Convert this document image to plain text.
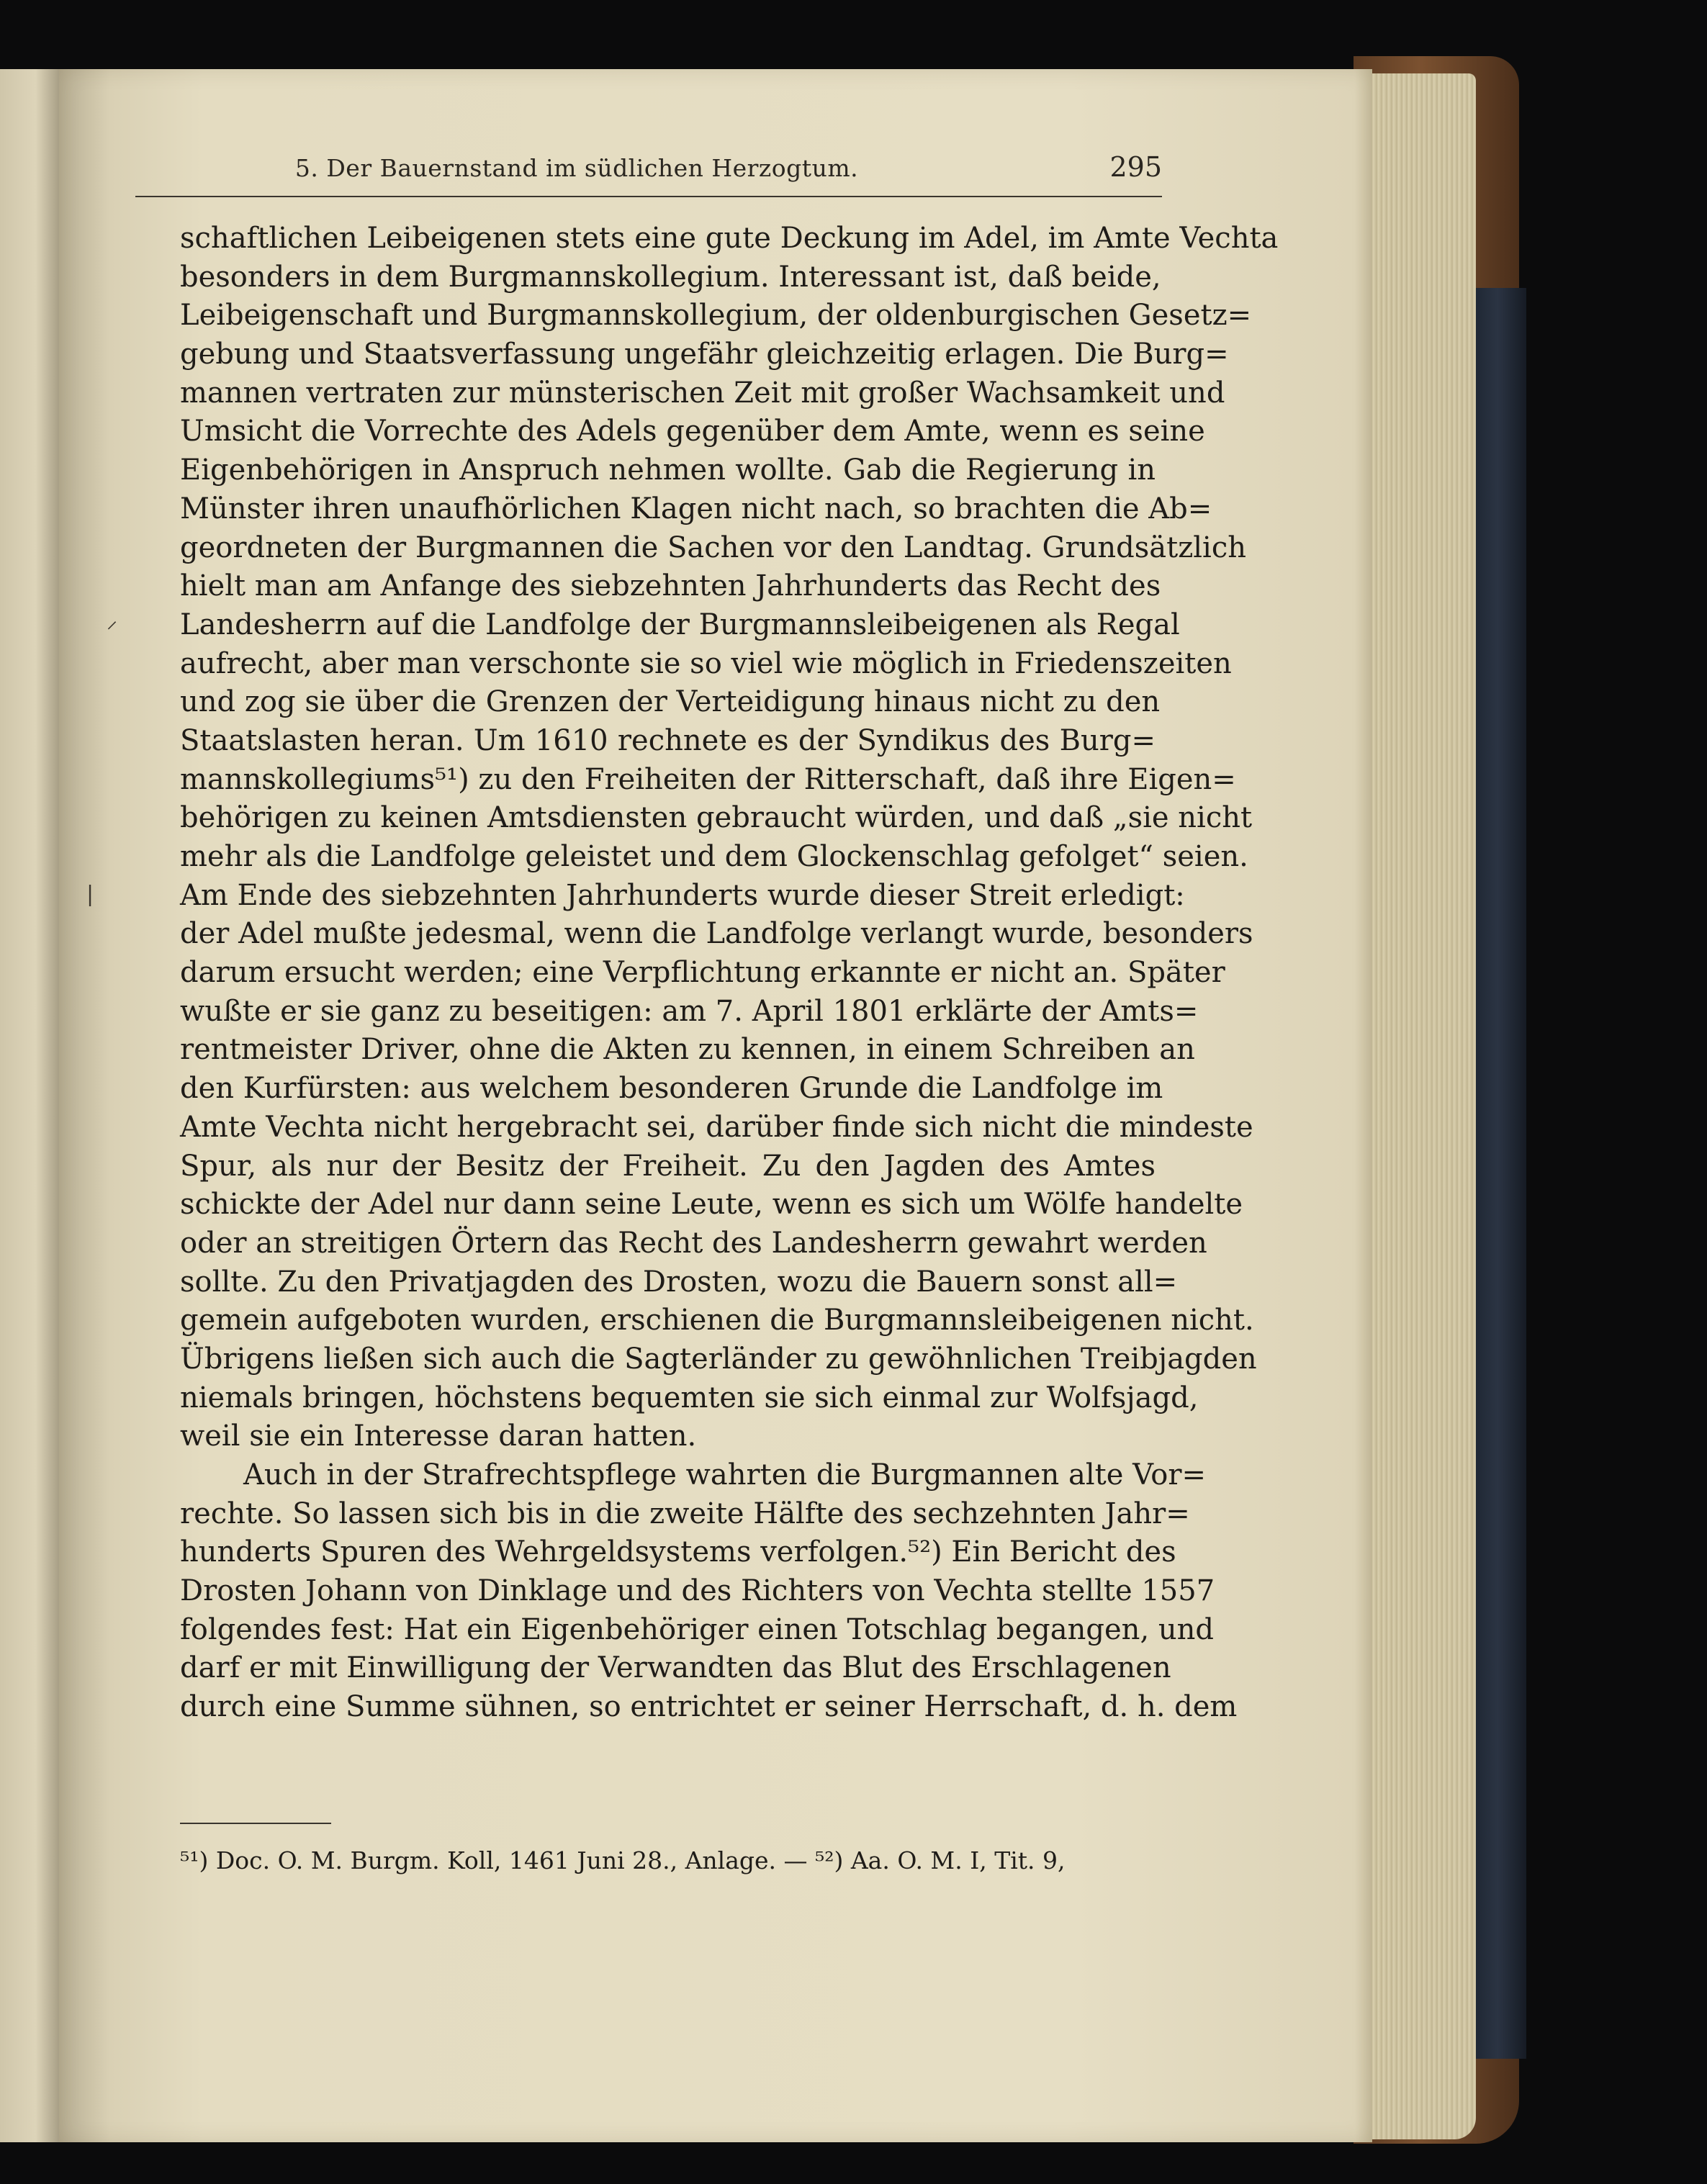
5. Der Bauernstand im südlichen Herzogtum.	295
schaftlichen Leibeigenen stets eine gute Deckung im Adel, im Amte Vechta
besonders in dem Burgmannskollegium. Interessant ist, daß beide,
Leibeigenschaft und Burgmannskollegium, der oldenburgischen Gesetz=
gebung und Staatsverfassung ungefähr gleichzeitig erlagen. Die Burg=
mannen vertraten zur münsterischen Zeit mit großer Wachsamkeit und
Umsicht die Vorrechte des Adels gegenüber dem Amte, wenn es seine
Eigenbehörigen in Anspruch nehmen wollte. Gab die Regierung in
Münster ihren unaufhörlichen Klagen nicht nach, so brachten die Ab=
geordneten der Burgmannen die Sachen vor den Landtag. Grundsätzlich
hielt man am Anfange des siebzehnten Jahrhunderts das Recht des
Landesherrn auf die Landfolge der Burgmannsleibeigenen als Regal
aufrecht, aber man verschonte sie so viel wie möglich in Friedenszeiten
und zog sie über die Grenzen der Verteidigung hinaus nicht zu den
Staatslasten heran. Um 1610 rechnete es der Syndikus des Burg=
mannskollegiums⁵¹) zu den Freiheiten der Ritterschaft, daß ihre Eigen=
behörigen zu keinen Amtsdiensten gebraucht würden, und daß „sie nicht
mehr als die Landfolge geleistet und dem Glockenschlag gefolget“ seien.
Am Ende des siebzehnten Jahrhunderts wurde dieser Streit erledigt:
der Adel mußte jedesmal, wenn die Landfolge verlangt wurde, besonders
darum ersucht werden; eine Verpflichtung erkannte er nicht an. Später
wußte er sie ganz zu beseitigen: am 7. April 1801 erklärte der Amts=
rentmeister Driver, ohne die Akten zu kennen, in einem Schreiben an
den Kurfürsten: aus welchem besonderen Grunde die Landfolge im
Amte Vechta nicht hergebracht sei, darüber finde sich nicht die mindeste
Spur, als nur der Besitz der Freiheit. Zu den Jagden des Amtes
schickte der Adel nur dann seine Leute, wenn es sich um Wölfe handelte
oder an streitigen Örtern das Recht des Landesherrn gewahrt werden
sollte. Zu den Privatjagden des Drosten, wozu die Bauern sonst all=
gemein aufgeboten wurden, erschienen die Burgmannsleibeigenen nicht.
Übrigens ließen sich auch die Sagterländer zu gewöhnlichen Treibjagden
niemals bringen, höchstens bequemten sie sich einmal zur Wolfsjagd,
weil sie ein Interesse daran hatten.
Auch in der Strafrechtspflege wahrten die Burgmannen alte Vor=
rechte. So lassen sich bis in die zweite Hälfte des sechzehnten Jahr=
hunderts Spuren des Wehrgeldsystems verfolgen.⁵²) Ein Bericht des
Drosten Johann von Dinklage und des Richters von Vechta stellte 1557
folgendes fest: Hat ein Eigenbehöriger einen Totschlag begangen, und
darf er mit Einwilligung der Verwandten das Blut des Erschlagenen
durch eine Summe sühnen, so entrichtet er seiner Herrschaft, d. h. dem
⁵¹) Doc. O. M. Burgm. Koll, 1461 Juni 28., Anlage. — ⁵²) Aa. O. M. I, Tit. 9,
|
⸝
